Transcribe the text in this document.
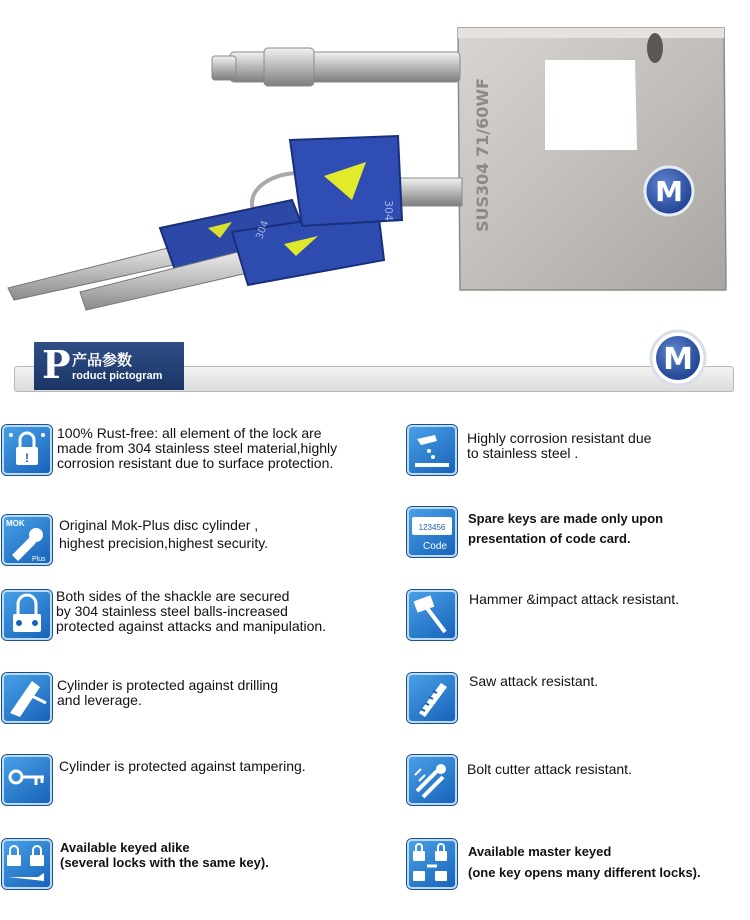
SUS304 71/60WF	M
304
304
P 产品参数
roduct pictogram	M
!
100% Rust-free: all element of the lock are
made from 304 stainless steel material,highly
corrosion resistant due to surface protection.
MOK
Plus
Original Mok-Plus disc cylinder ,
highest precision,highest security.
Both sides of the shackle are secured
by 304 stainless steel balls-increased
protected against attacks and manipulation.
Cylinder is protected against drilling
and leverage.
Cylinder is protected against tampering.
Available keyed alike
(several locks with the same key).
Highly corrosion resistant due
to stainless steel .
123456
Code
Spare keys are made only upon
presentation of code card.
Hammer &impact attack resistant.
Saw attack resistant.
Bolt cutter attack resistant.
Available master keyed
(one key opens many different locks).
